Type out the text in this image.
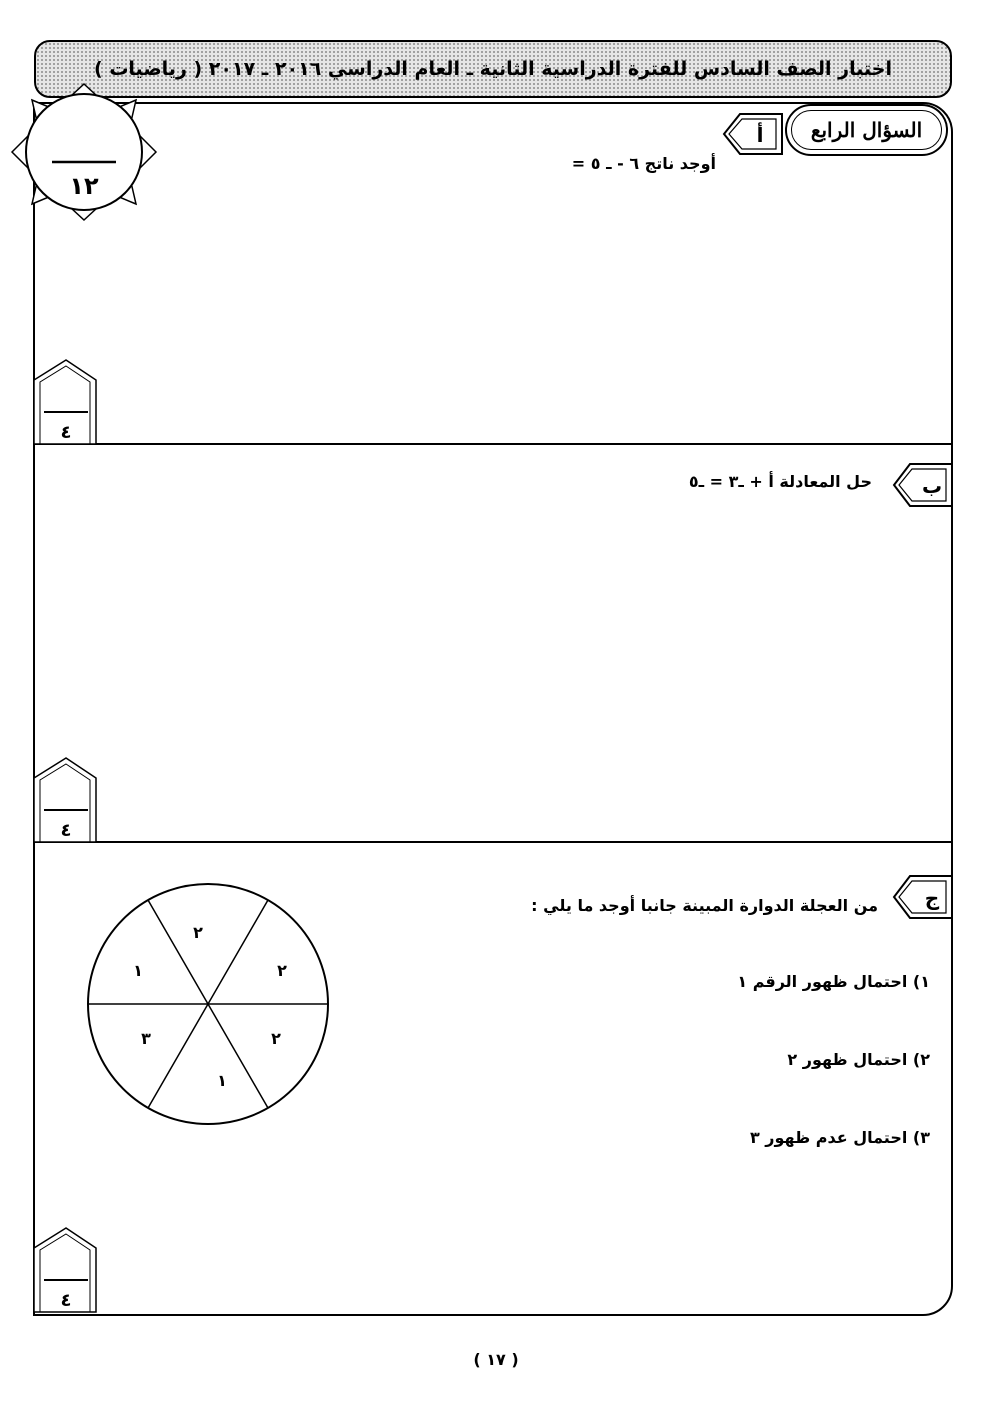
اختبار الصف السادس للفترة الدراسية الثانية ـ العام الدراسي ٢٠١٦ ـ ٢٠١٧ ( رياضيات )
السؤال الرابع
١٢
أ
أوجد ناتج ٦ - ـ ٥ =
ب
حل المعادلة أ + ـ٣ = ـ٥
ج
من العجلة الدوارة المبينة جانبا أوجد ما يلي :
١) احتمال ظهور الرقم ١
٢) احتمال ظهور ٢
٣) احتمال عدم ظهور ٣
٢
١	٢
٢
٣
١
٤
٤
٤
( ١٧ )
